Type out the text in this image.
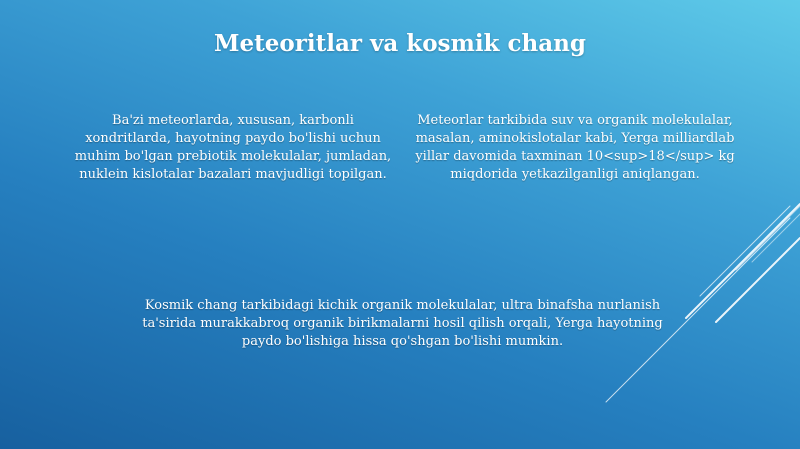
Meteoritlar va kosmik chang

Ba'zi meteorlarda, xususan, karbonli xondritlarda, hayotning paydo bo'lishi uchun muhim bo'lgan prebiotik molekulalar, jumladan, nuklein kislotalar bazalari mavjudligi topilgan.

Meteorlar tarkibida suv va organik molekulalar, masalan, aminokislotalar kabi, Yerga milliardlab yillar davomida taxminan 10<sup>18</sup> kg miqdorida yetkazilganligi aniqlangan.

Kosmik chang tarkibidagi kichik organik molekulalar, ultra binafsha nurlanish ta'sirida murakkabroq organik birikmalarni hosil qilish orqali, Yerga hayotning paydo bo'lishiga hissa qo'shgan bo'lishi mumkin.
